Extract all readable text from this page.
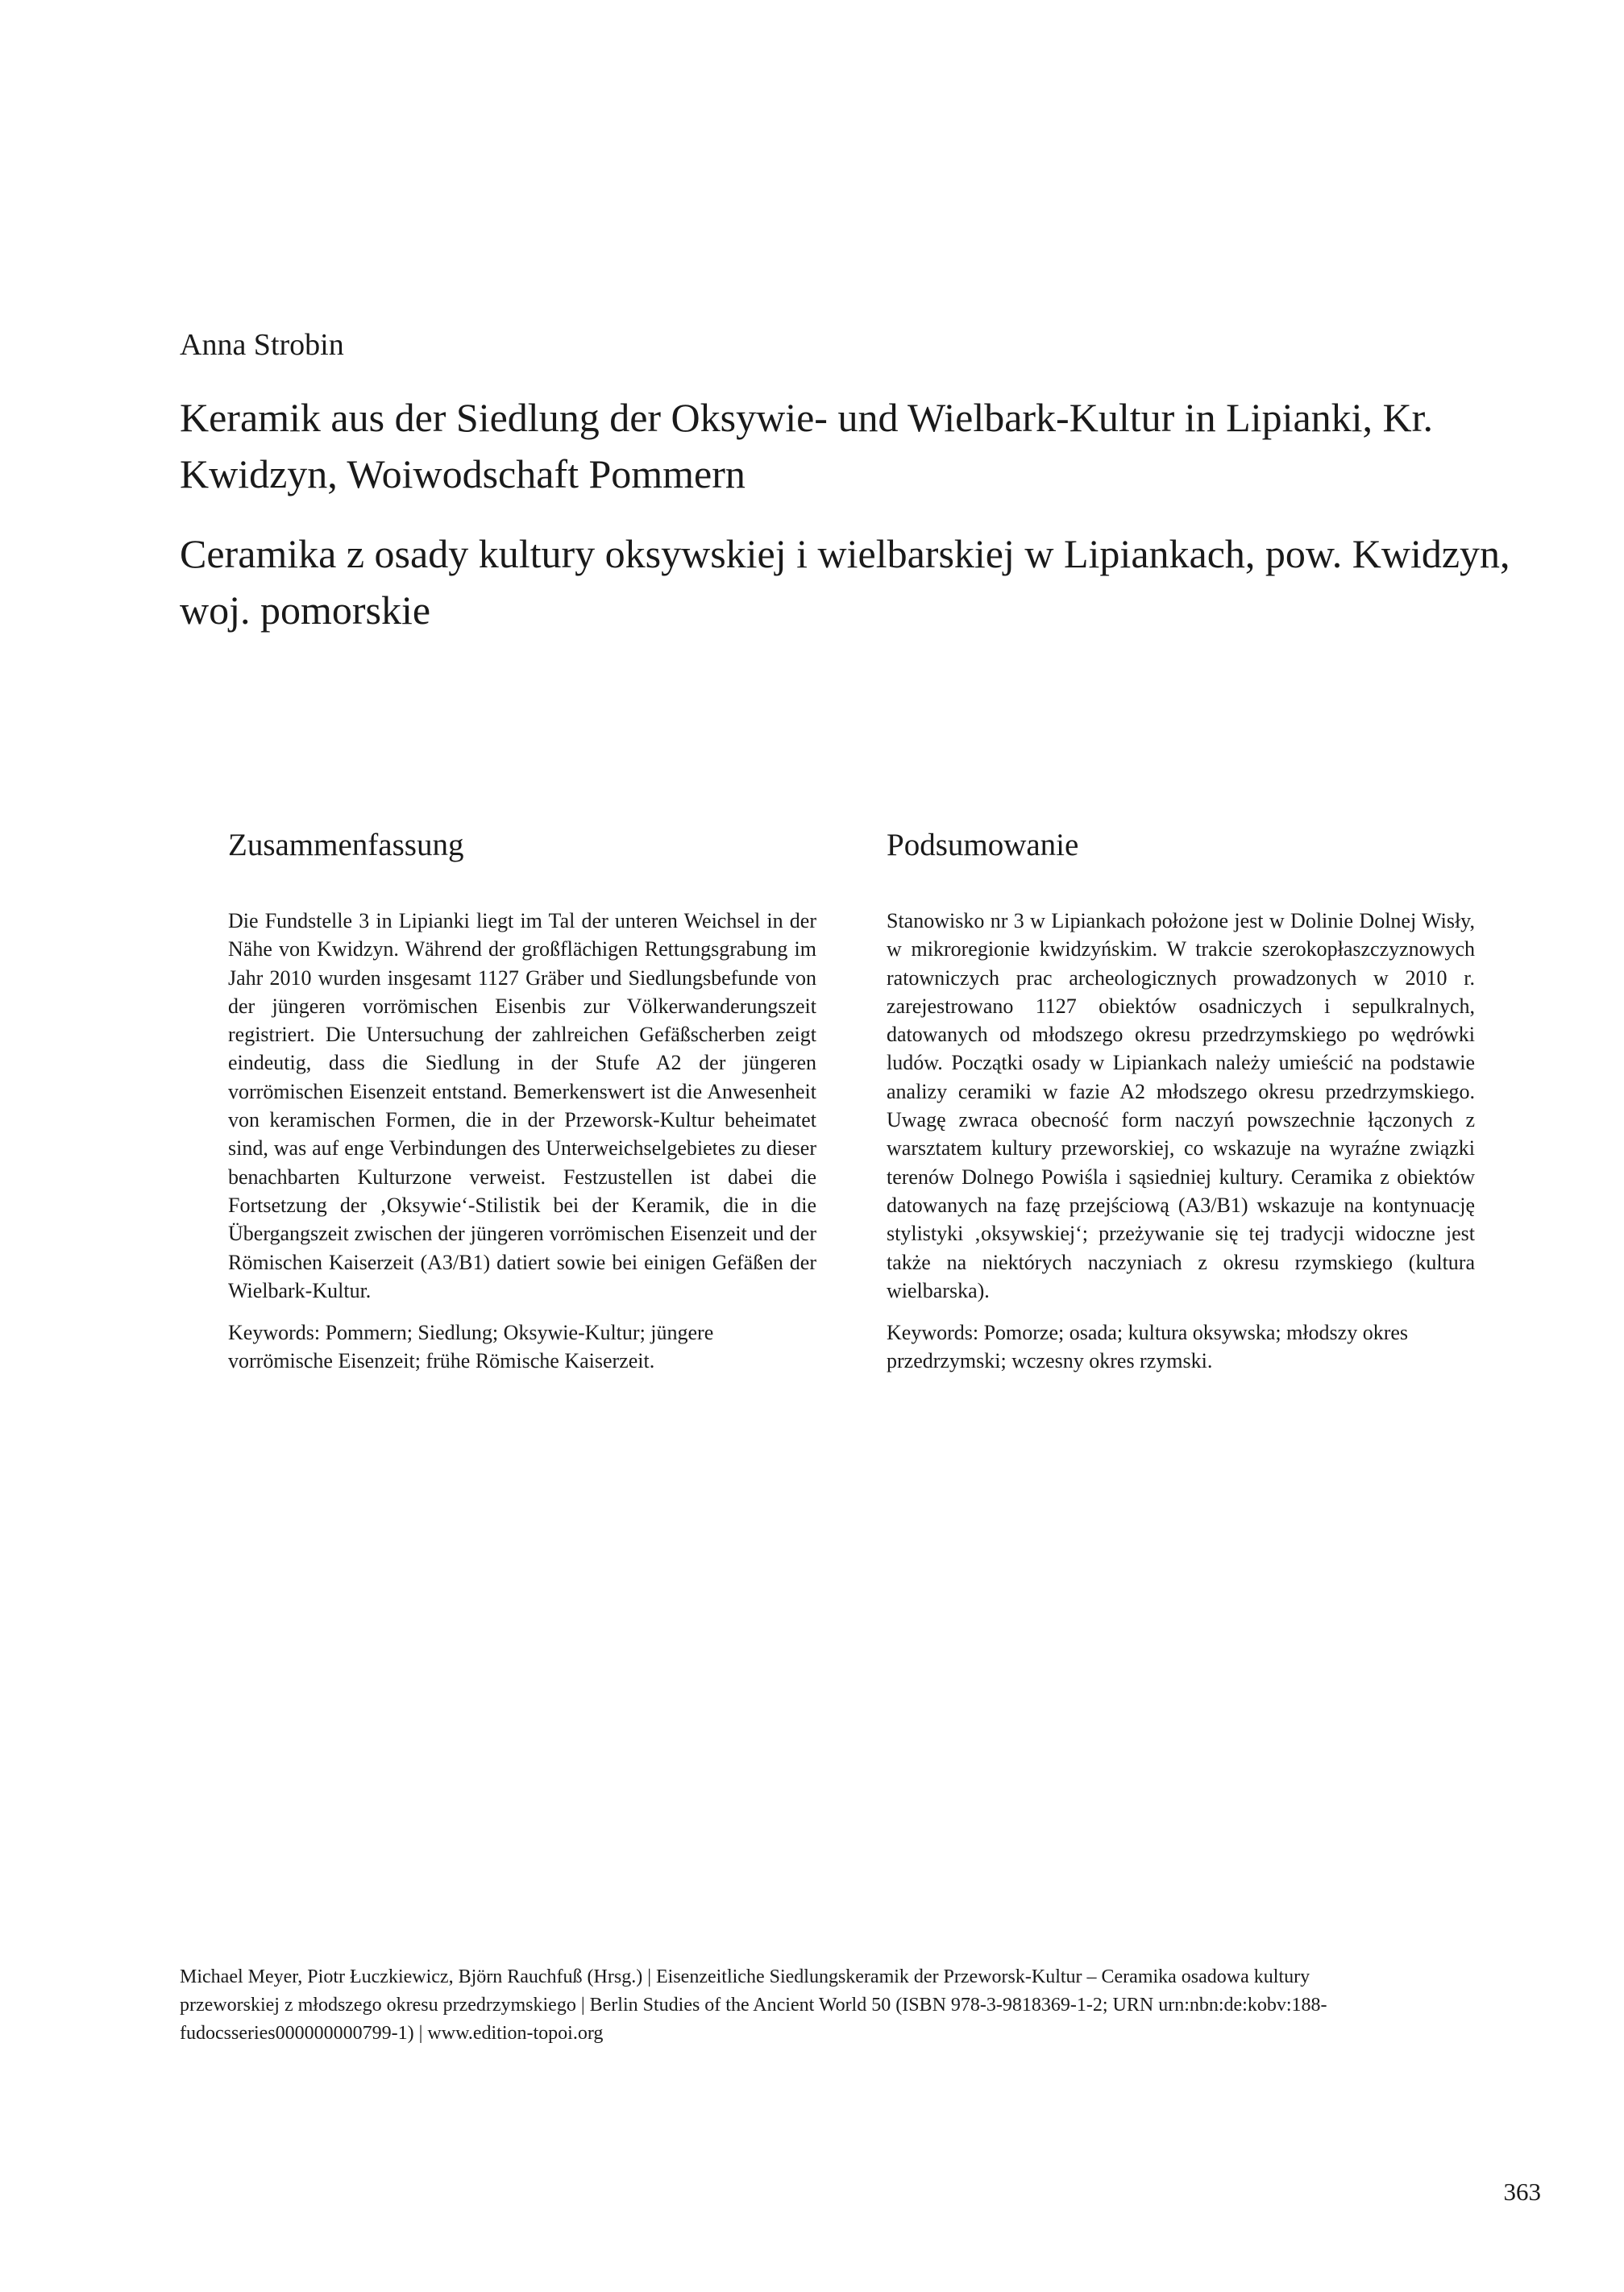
Anna Strobin
Keramik aus der Siedlung der Oksywie- und Wielbark-Kultur in Lipianki, Kr. Kwidzyn, Woiwodschaft Pommern
Ceramika z osady kultury oksywskiej i wielbarskiej w Lipiankach, pow. Kwidzyn, woj. pomorskie
Zusammenfassung

Die Fundstelle 3 in Lipianki liegt im Tal der unteren Weichsel in der Nähe von Kwidzyn. Während der großflächigen Rettungsgrabung im Jahr 2010 wurden insgesamt 1127 Gräber und Siedlungsbefunde von der jüngeren vorrömischen Eisenbis zur Völkerwanderungszeit registriert. Die Untersuchung der zahlreichen Gefäßscherben zeigt eindeutig, dass die Siedlung in der Stufe A2 der jüngeren vorrömischen Eisenzeit entstand. Bemerkenswert ist die Anwesenheit von keramischen Formen, die in der Przeworsk-Kultur beheimatet sind, was auf enge Verbindungen des Unterweichselgebietes zu dieser benachbarten Kulturzone verweist. Festzustellen ist dabei die Fortsetzung der ‚Oksywie‘-Stilistik bei der Keramik, die in die Übergangszeit zwischen der jüngeren vorrömischen Eisenzeit und der Römischen Kaiserzeit (A3/B1) datiert sowie bei einigen Gefäßen der Wielbark-Kultur.

Keywords: Pommern; Siedlung; Oksywie-Kultur; jüngere vorrömische Eisenzeit; frühe Römische Kaiserzeit.

Podsumowanie

Stanowisko nr 3 w Lipiankach położone jest w Dolinie Dolnej Wisły, w mikroregionie kwidzyńskim. W trakcie szerokopłaszczyznowych ratowniczych prac archeologicznych prowadzonych w 2010 r. zarejestrowano 1127 obiektów osadniczych i sepulkralnych, datowanych od młodszego okresu przedrzymskiego po wędrówki ludów. Początki osady w Lipiankach należy umieścić na podstawie analizy ceramiki w fazie A2 młodszego okresu przedrzymskiego. Uwagę zwraca obecność form naczyń powszechnie łączonych z warsztatem kultury przeworskiej, co wskazuje na wyraźne związki terenów Dolnego Powiśla i sąsiedniej kultury. Ceramika z obiektów datowanych na fazę przejściową (A3/B1) wskazuje na kontynuację stylistyki ‚oksywskiej‘; przeżywanie się tej tradycji widoczne jest także na niektórych naczyniach z okresu rzymskiego (kultura wielbarska).

Keywords: Pomorze; osada; kultura oksywska; młodszy okres przedrzymski; wczesny okres rzymski.

Michael Meyer, Piotr Łuczkiewicz, Björn Rauchfuß (Hrsg.) | Eisenzeitliche Siedlungskeramik der Przeworsk-Kultur – Ceramika osadowa kultury przeworskiej z młodszego okresu przedrzymskiego | Berlin Studies of the Ancient World 50 (ISBN 978-3-9818369-1-2; URN urn:nbn:de:kobv:188-fudocsseries000000000799-1) | www.edition-topoi.org
363
